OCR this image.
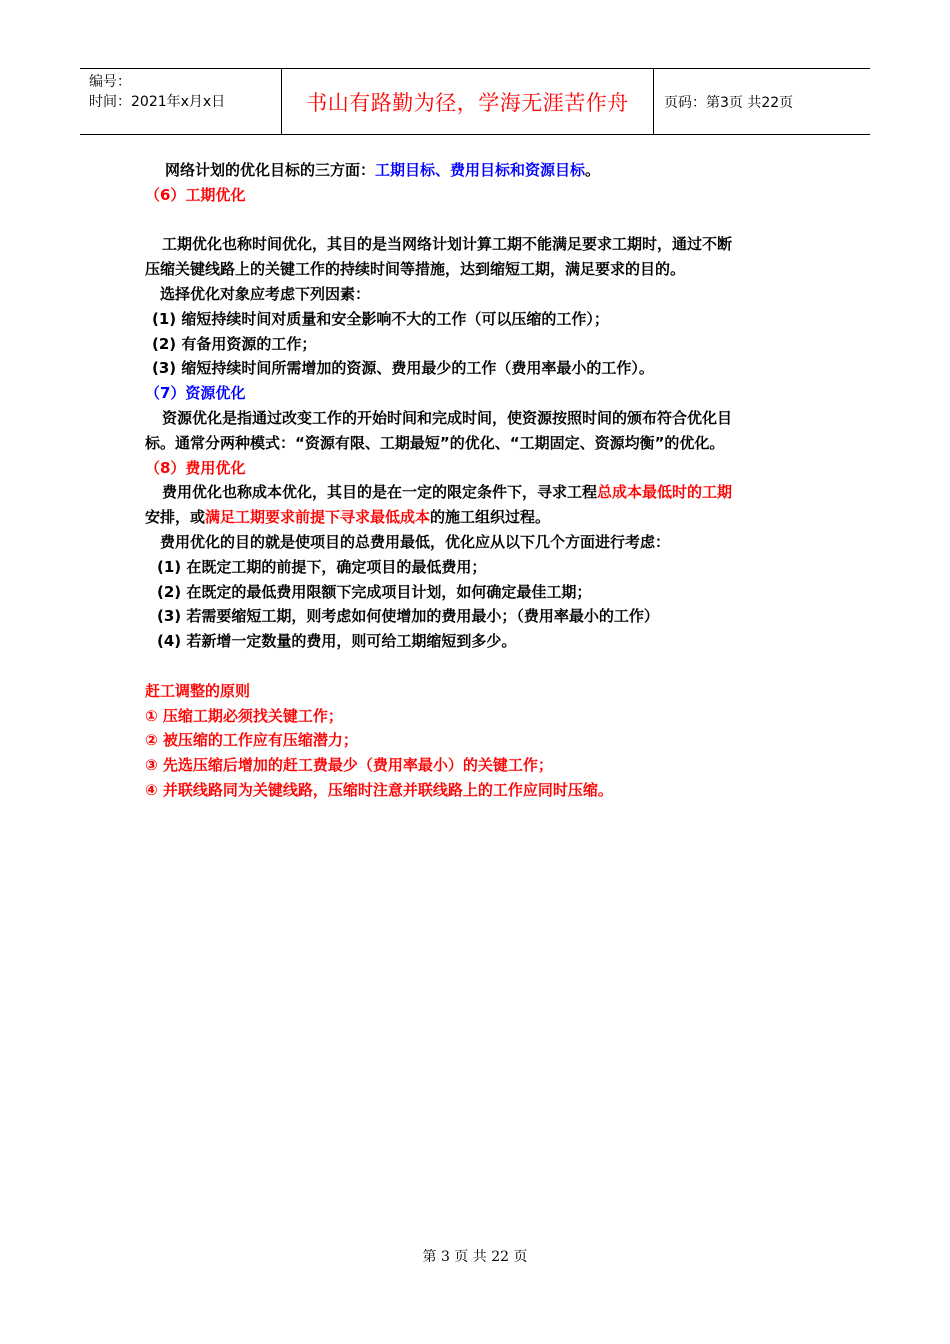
编号：
时间：2021年x月x日	书山有路勤为径，学海无涯苦作舟	页码：第3页 共22页
网络计划的优化目标的三方面：工期目标、费用目标和资源目标。
（6）工期优化
工期优化也称时间优化，其目的是当网络计划计算工期不能满足要求工期时，通过不断
压缩关键线路上的关键工作的持续时间等措施，达到缩短工期，满足要求的目的。
选择优化对象应考虑下列因素：
(1) 缩短持续时间对质量和安全影响不大的工作（可以压缩的工作）；
(2) 有备用资源的工作；
(3) 缩短持续时间所需增加的资源、费用最少的工作（费用率最小的工作）。
（7）资源优化
资源优化是指通过改变工作的开始时间和完成时间，使资源按照时间的颁布符合优化目
标。通常分两种模式：“资源有限、工期最短”的优化、“工期固定、资源均衡”的优化。
（8）费用优化
费用优化也称成本优化，其目的是在一定的限定条件下，寻求工程总成本最低时的工期
安排，或满足工期要求前提下寻求最低成本的施工组织过程。
费用优化的目的就是使项目的总费用最低，优化应从以下几个方面进行考虑：
(1) 在既定工期的前提下，确定项目的最低费用；
(2) 在既定的最低费用限额下完成项目计划，如何确定最佳工期；
(3) 若需要缩短工期，则考虑如何使增加的费用最小；（费用率最小的工作）
(4) 若新增一定数量的费用，则可给工期缩短到多少。
赶工调整的原则
① 压缩工期必须找关键工作；
② 被压缩的工作应有压缩潜力；
③ 先选压缩后增加的赶工费最少（费用率最小）的关键工作；
④ 并联线路同为关键线路，压缩时注意并联线路上的工作应同时压缩。
第 3 页 共 22 页
